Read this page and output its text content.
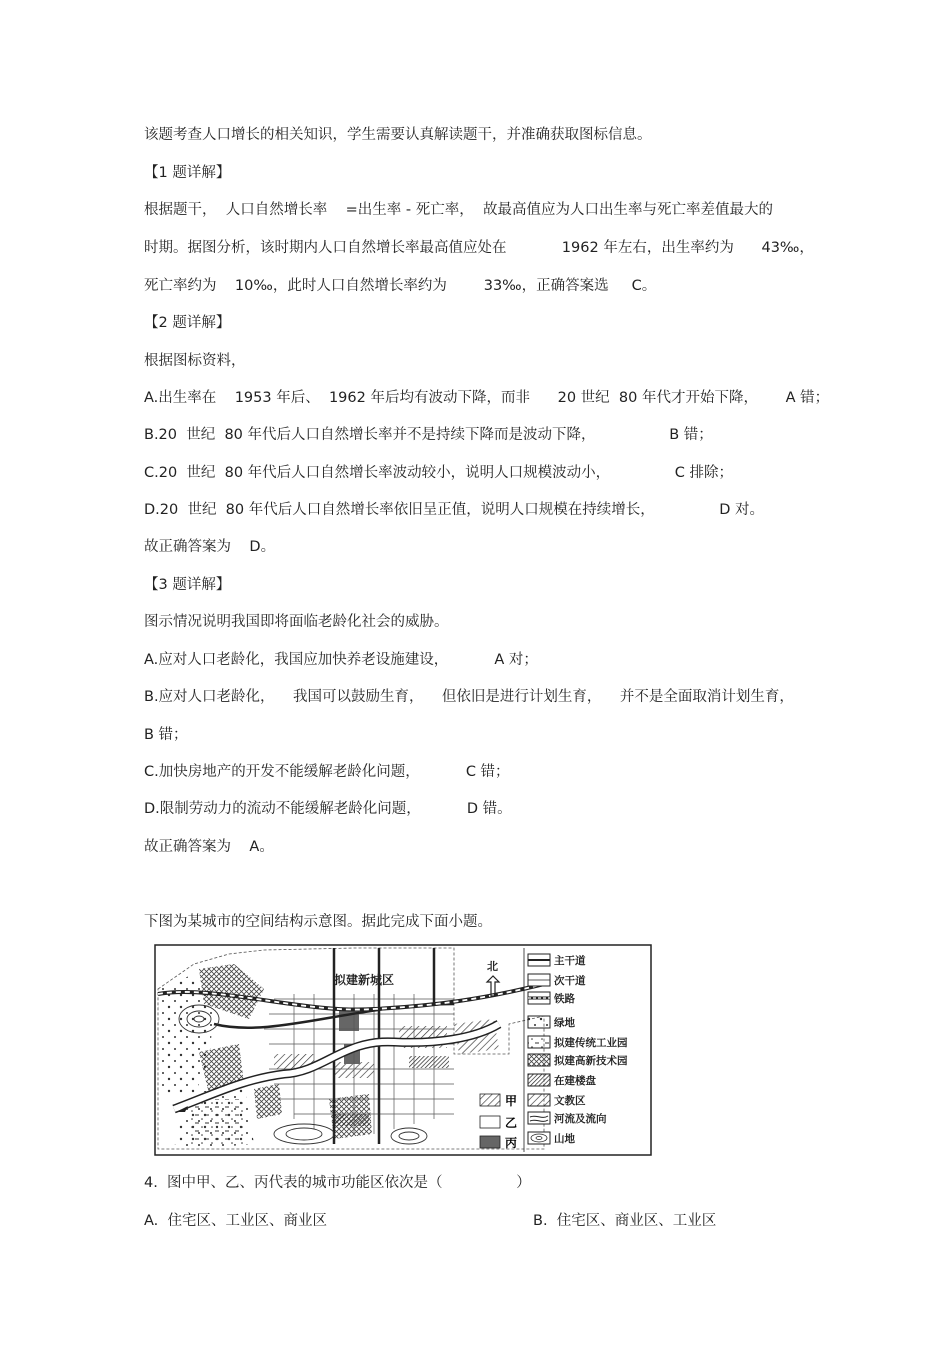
该题考查人口增长的相关知识，学生需要认真解读题干，并准确获取图标信息。
【1 题详解】
根据题干，  人口自然增长率    =出生率 - 死亡率，  故最高值应为人口出生率与死亡率差值最大的
时期。据图分析，该时期内人口自然增长率最高值应处在            1962 年左右，出生率约为      43‰，
死亡率约为    10‰，此时人口自然增长率约为        33‰，正确答案选     C。
【2 题详解】
根据图标资料，
A.出生率在    1953 年后、  1962 年后均有波动下降，而非      20 世纪  80 年代才开始下降，      A 错；
B.20  世纪  80 年代后人口自然增长率并不是持续下降而是波动下降，                B 错；
C.20  世纪  80 年代后人口自然增长率波动较小，说明人口规模波动小，              C 排除；
D.20  世纪  80 年代后人口自然增长率依旧呈正值，说明人口规模在持续增长，              D 对。
故正确答案为    D。
【3 题详解】
图示情况说明我国即将面临老龄化社会的威胁。
A.应对人口老龄化，我国应加快养老设施建设，          A 对；
B.应对人口老龄化，    我国可以鼓励生育，    但依旧是进行计划生育，    并不是全面取消计划生育，
B 错；
C.加快房地产的开发不能缓解老龄化问题，          C 错；
D.限制劳动力的流动不能缓解老龄化问题，          D 错。
故正确答案为    A。
下图为某城市的空间结构示意图。据此完成下面小题。
拟建新城区
北
甲
乙
丙
主干道
次干道
铁路
绿地
拟建传统工业园
拟建高新技术园
在建楼盘
文教区
河流及流向
山地
4.  图中甲、乙、丙代表的城市功能区依次是（                ）
A.  住宅区、工业区、商业区	B.  住宅区、商业区、工业区
